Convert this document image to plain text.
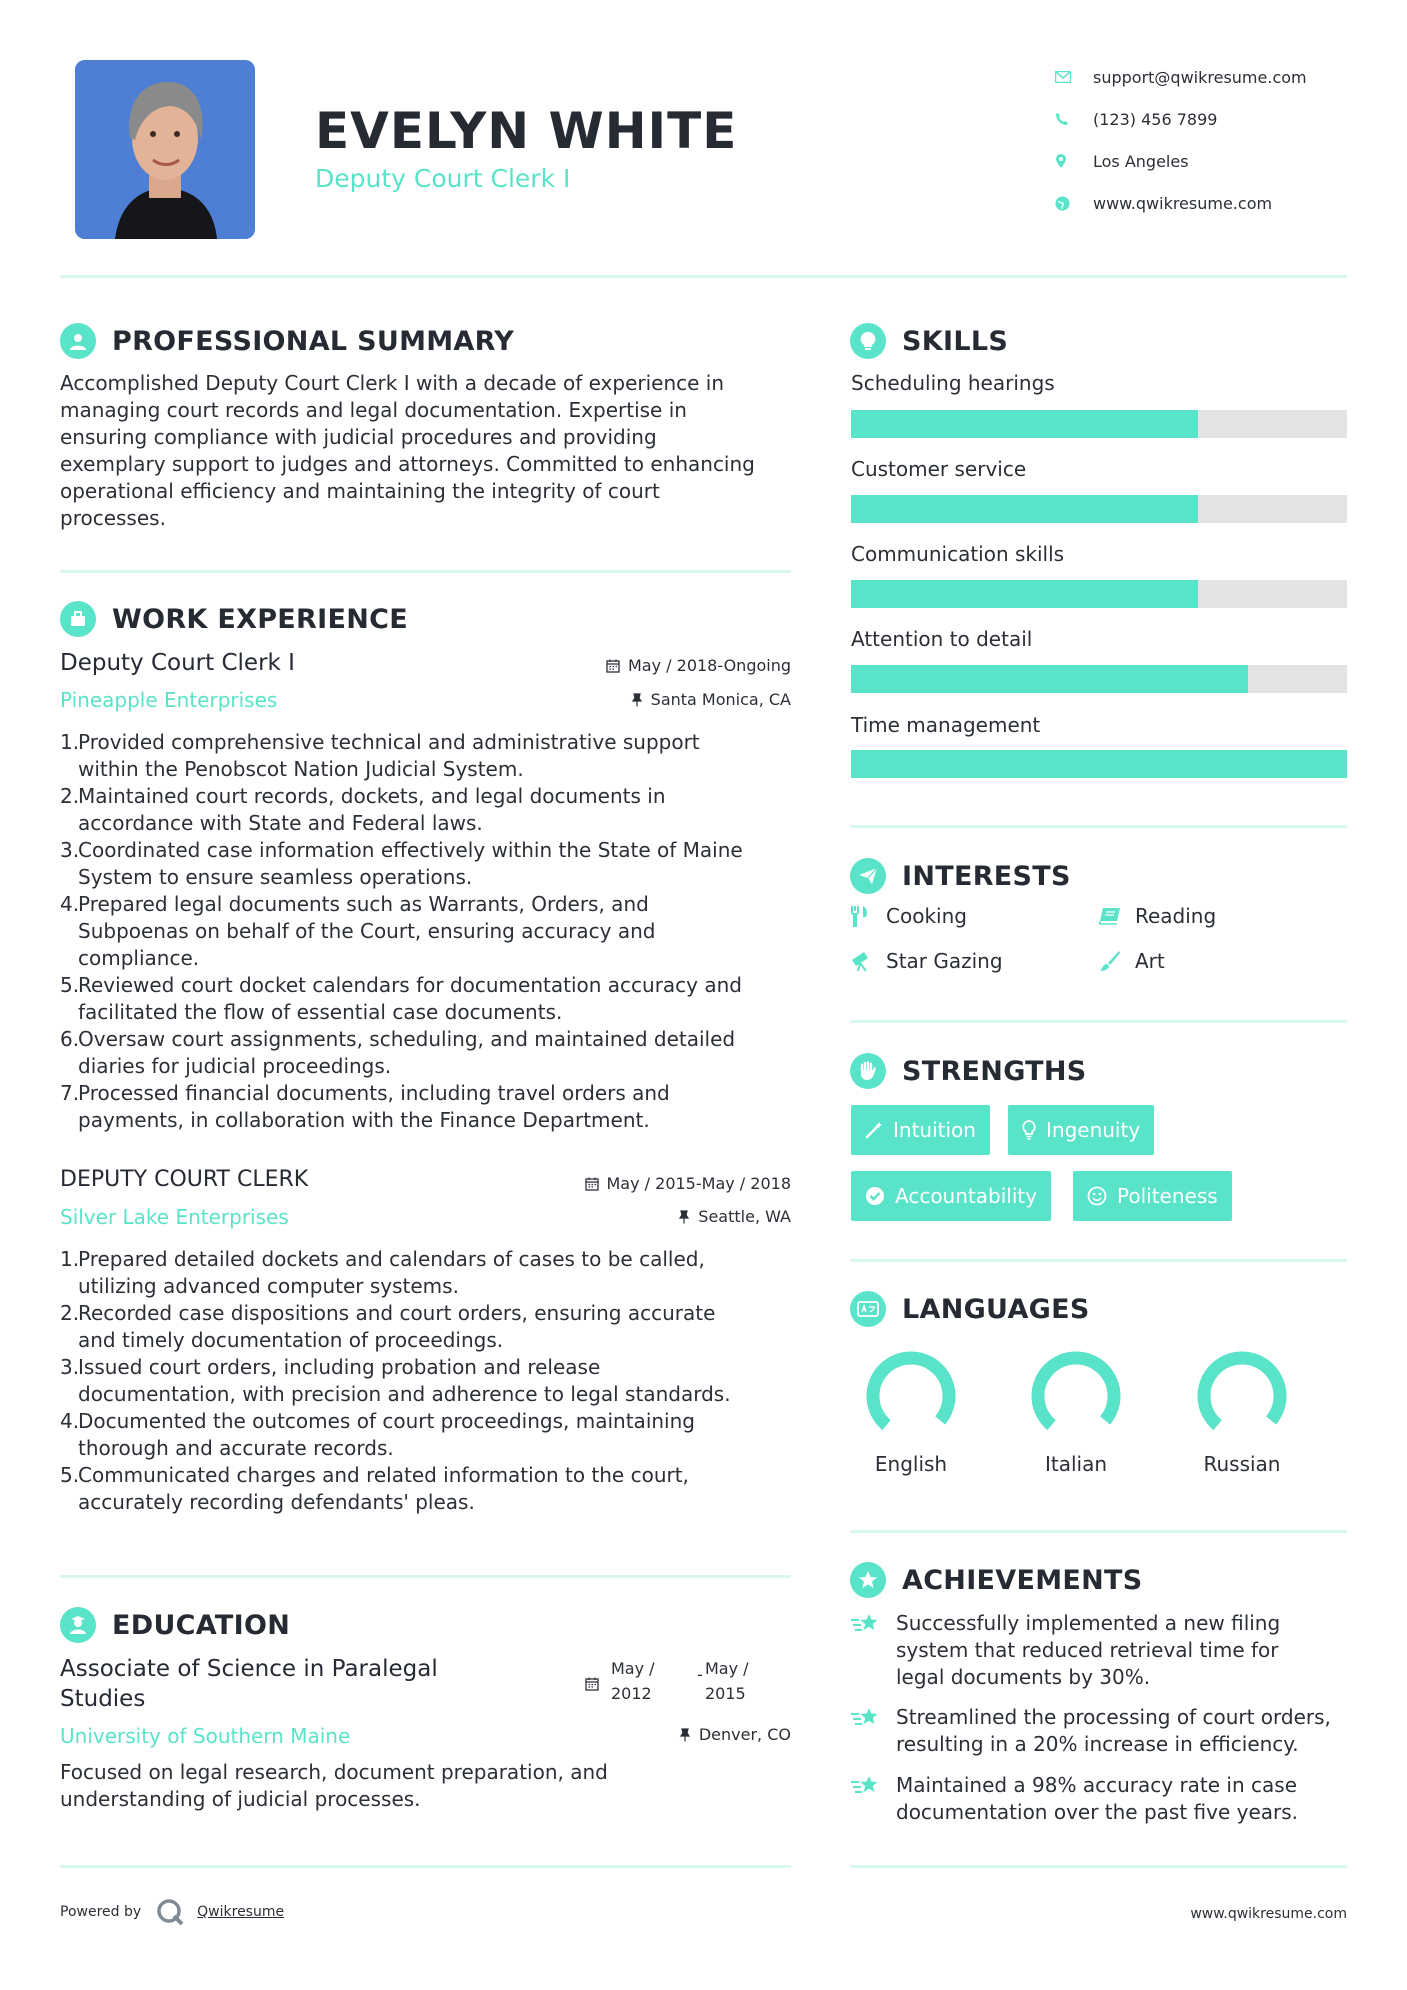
EVELYN WHITE
Deputy Court Clerk I
support@qwikresume.com
(123) 456 7899
Los Angeles
www.qwikresume.com
PROFESSIONAL SUMMARY
Accomplished Deputy Court Clerk I with a decade of experience in
managing court records and legal documentation. Expertise in
ensuring compliance with judicial procedures and providing
exemplary support to judges and attorneys. Committed to enhancing
operational efficiency and maintaining the integrity of court
processes.
WORK EXPERIENCE
Deputy Court Clerk I
Pineapple Enterprises
May / 2018-Ongoing
Santa Monica, CA
1.
Provided comprehensive technical and administrative support
within the Penobscot Nation Judicial System.
2.
Maintained court records, dockets, and legal documents in
accordance with State and Federal laws.
3.
Coordinated case information effectively within the State of Maine
System to ensure seamless operations.
4.
Prepared legal documents such as Warrants, Orders, and
Subpoenas on behalf of the Court, ensuring accuracy and
compliance.
5.
Reviewed court docket calendars for documentation accuracy and
facilitated the flow of essential case documents.
6.
Oversaw court assignments, scheduling, and maintained detailed
diaries for judicial proceedings.
7.
Processed financial documents, including travel orders and
payments, in collaboration with the Finance Department.
DEPUTY COURT CLERK
Silver Lake Enterprises
May / 2015-May / 2018
Seattle, WA
1.
Prepared detailed dockets and calendars of cases to be called,
utilizing advanced computer systems.
2.
Recorded case dispositions and court orders, ensuring accurate
and timely documentation of proceedings.
3.
Issued court orders, including probation and release
documentation, with precision and adherence to legal standards.
4.
Documented the outcomes of court proceedings, maintaining
thorough and accurate records.
5.
Communicated charges and related information to the court,
accurately recording defendants' pleas.
EDUCATION
Associate of Science in Paralegal
Studies
University of Southern Maine
May /
2012
- May /
2015
Denver, CO
Focused on legal research, document preparation, and
understanding of judicial processes.
SKILLS
Scheduling hearings
Customer service
Communication skills
Attention to detail
Time management
INTERESTS
Cooking	Reading
Star Gazing	Art
STRENGTHS
Intuition	Ingenuity
Accountability	Politeness
LANGUAGES
English	Italian	Russian
ACHIEVEMENTS
Successfully implemented a new filing
system that reduced retrieval time for
legal documents by 30%.
Streamlined the processing of court orders,
resulting in a 20% increase in efficiency.
Maintained a 98% accuracy rate in case
documentation over the past five years.
Powered by	Qwikresume	www.qwikresume.com
